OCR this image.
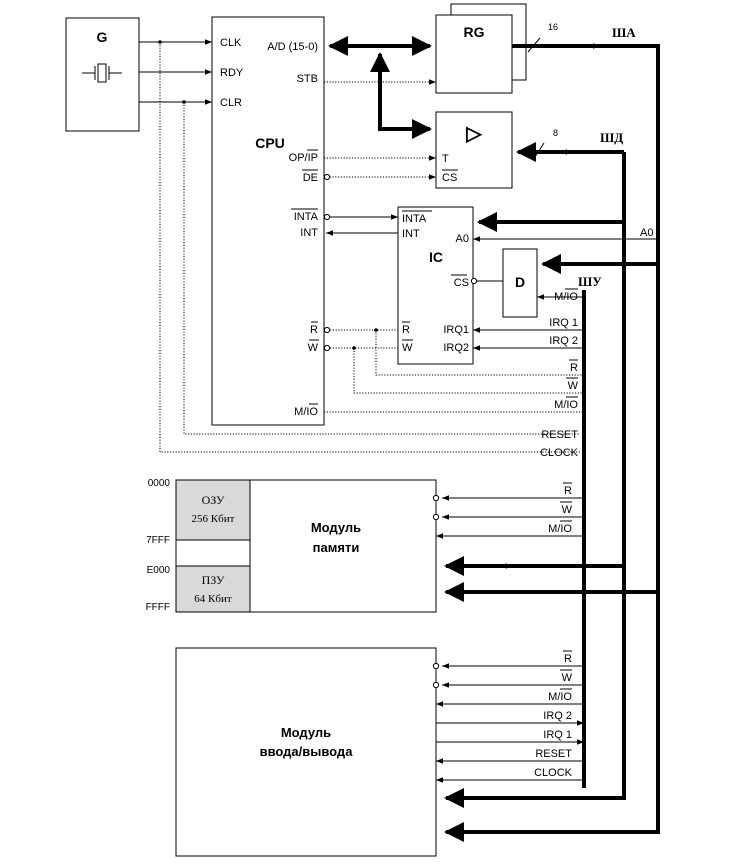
G
CPU
CLK
RDY
CLR
A/D (15-0)
STB
OP/IP
DE
INTA
INT
R
W
M/IO
RG
▷
T
CS
IC
INTA
INT	A0
CS
R
W
IRQ1
IRQ2
D
M/IO
16	ША
8	ШД
A0
ШУ
IRQ 1
IRQ 2
R
W
M/IO
RESET
CLOCK
ОЗУ
256 Кбит
ПЗУ
64 Кбит
Модуль
памяти
0000
7FFF
E000
FFFF
R
W
M/IO
Модуль
ввода/вывода
R
W
M/IO
IRQ 2
IRQ 1
RESET
CLOCK
